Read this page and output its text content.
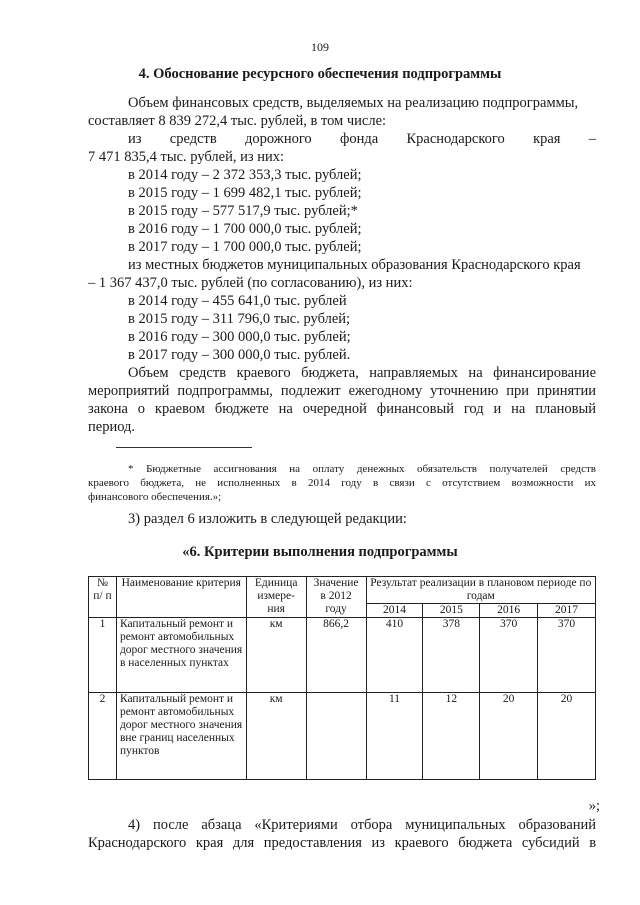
109
4. Обоснование ресурсного обеспечения подпрограммы
Объем финансовых средств, выделяемых на реализацию подпрограммы,
составляет 8 839 272,4 тыс. рублей, в том числе:
из средств дорожного фонда Краснодарского края –
7 471 835,4 тыс. рублей, из них:
в 2014 году – 2 372 353,3 тыс. рублей;
в 2015 году – 1 699 482,1 тыс. рублей;
в 2015 году – 577 517,9 тыс. рублей;*
в 2016 году – 1 700 000,0 тыс. рублей;
в 2017 году – 1 700 000,0 тыс. рублей;
из местных бюджетов муниципальных образования Краснодарского края
– 1 367 437,0 тыс. рублей (по согласованию), из них:
в 2014 году – 455 641,0 тыс. рублей
в 2015 году – 311 796,0 тыс. рублей;
в 2016 году – 300 000,0 тыс. рублей;
в 2017 году – 300 000,0 тыс. рублей.
Объем средств краевого бюджета, направляемых на финансирование
мероприятий подпрограммы, подлежит ежегодному уточнению при принятии
закона о краевом бюджете на очередной финансовый год и на плановый
период.
* Бюджетные ассигнования на оплату денежных обязательств получателей средств
краевого бюджета, не исполненных в 2014 году в связи с отсутствием возможности их
финансового обеспечения.»;
3) раздел 6 изложить в следующей редакции:
«6. Критерии выполнения подпрограммы
№ п/ п	Наименование критерия	Единица измере-ния	Значение в 2012 году	Результат реализации в плановом периоде по годам			
				2014	2015	2016	2017
1	Капитальный ремонт и ремонт автомобильных дорог местного значения в населенных пунктах	км	866,2	410	378	370	370
2	Капитальный ремонт и ремонт автомобильных дорог местного значения вне границ населенных пунктов	км		11	12	20	20
»;
4) после абзаца «Критериями отбора муниципальных образований
Краснодарского края для предоставления из краевого бюджета субсидий в
